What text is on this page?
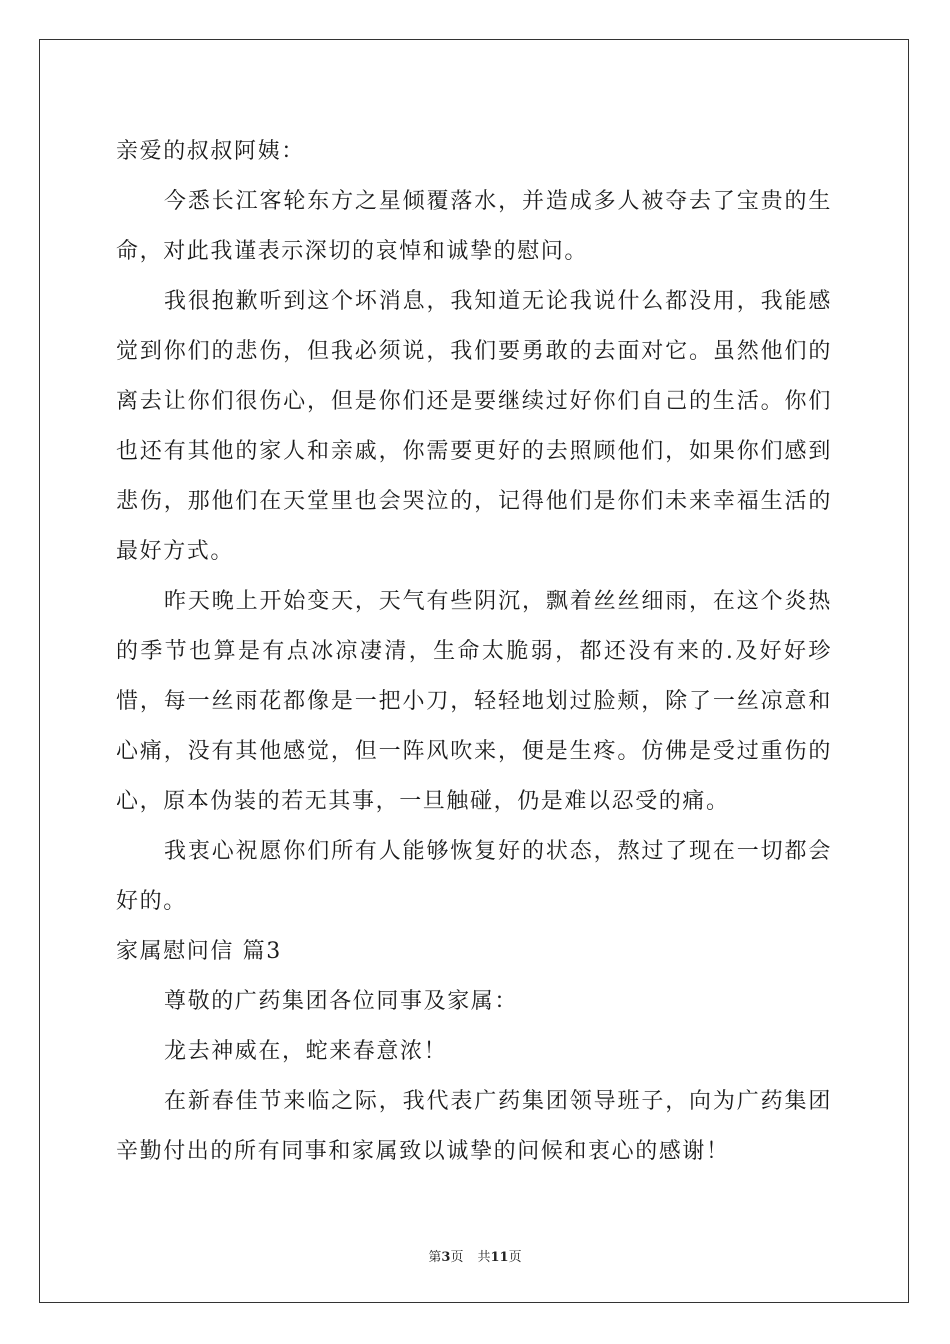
亲爱的叔叔阿姨：

今悉长江客轮东方之星倾覆落水，并造成多人被夺去了宝贵的生命，对此我谨表示深切的哀悼和诚挚的慰问。

我很抱歉听到这个坏消息，我知道无论我说什么都没用，我能感觉到你们的悲伤，但我必须说，我们要勇敢的去面对它。虽然他们的离去让你们很伤心，但是你们还是要继续过好你们自己的生活。你们也还有其他的家人和亲戚，你需要更好的去照顾他们，如果你们感到悲伤，那他们在天堂里也会哭泣的，记得他们是你们未来幸福生活的最好方式。

昨天晚上开始变天，天气有些阴沉，飘着丝丝细雨，在这个炎热的季节也算是有点冰凉凄清，生命太脆弱，都还没有来的.及好好珍惜，每一丝雨花都像是一把小刀，轻轻地划过脸颊，除了一丝凉意和心痛，没有其他感觉，但一阵风吹来，便是生疼。仿佛是受过重伤的心，原本伪装的若无其事，一旦触碰，仍是难以忍受的痛。

我衷心祝愿你们所有人能够恢复好的状态，熬过了现在一切都会好的。

家属慰问信 篇3

尊敬的广药集团各位同事及家属：

龙去神威在，蛇来春意浓！

在新春佳节来临之际，我代表广药集团领导班子，向为广药集团辛勤付出的所有同事和家属致以诚挚的问候和衷心的感谢！

第3页 共11页
